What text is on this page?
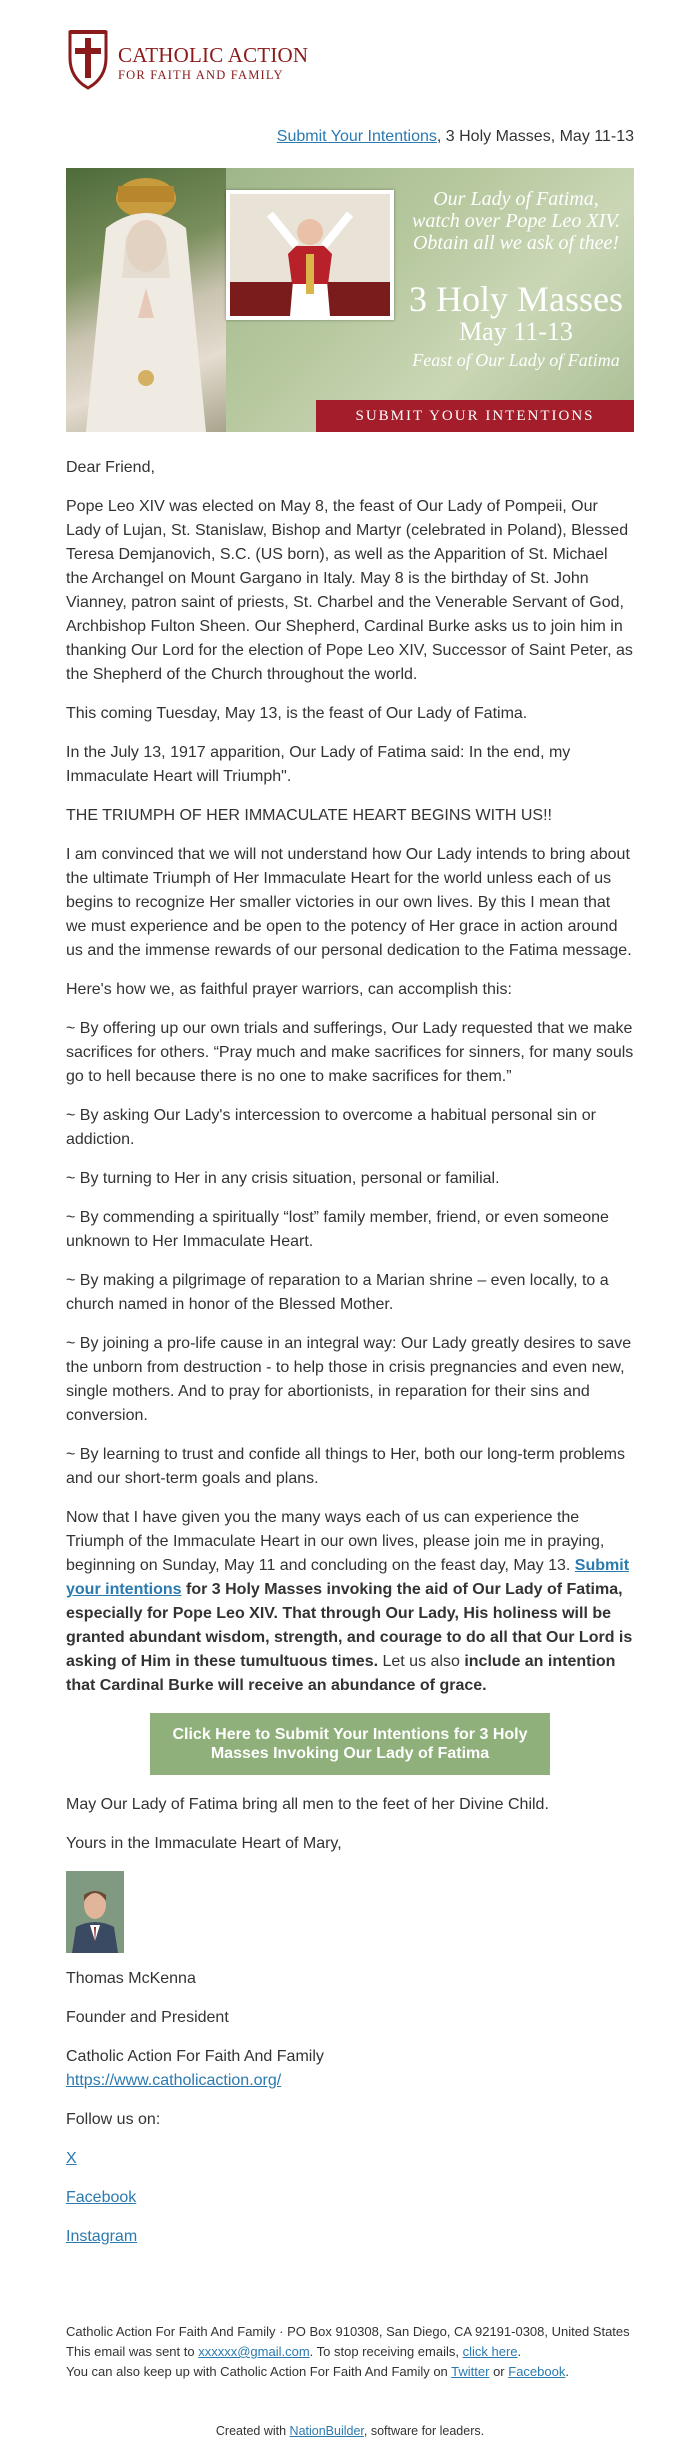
CATHOLIC ACTION
FOR FAITH AND FAMILY
Submit Your Intentions, 3 Holy Masses, May 11-13
Our Lady of Fatima,
watch over Pope Leo XIV.
Obtain all we ask of thee!
3 Holy Masses
May 11-13
Feast of Our Lady of Fatima
SUBMIT YOUR INTENTIONS

Dear Friend,

Pope Leo XIV was elected on May 8, the feast of Our Lady of Pompeii, Our Lady of Lujan, St. Stanislaw, Bishop and Martyr (celebrated in Poland), Blessed Teresa Demjanovich, S.C. (US born), as well as the Apparition of St. Michael the Archangel on Mount Gargano in Italy. May 8 is the birthday of St. John Vianney, patron saint of priests, St. Charbel and the Venerable Servant of God, Archbishop Fulton Sheen. Our Shepherd, Cardinal Burke asks us to join him in thanking Our Lord for the election of Pope Leo XIV, Successor of Saint Peter, as the Shepherd of the Church throughout the world.

This coming Tuesday, May 13, is the feast of Our Lady of Fatima.

In the July 13, 1917 apparition, Our Lady of Fatima said: In the end, my Immaculate Heart will Triumph".

THE TRIUMPH OF HER IMMACULATE HEART BEGINS WITH US!!

I am convinced that we will not understand how Our Lady intends to bring about the ultimate Triumph of Her Immaculate Heart for the world unless each of us begins to recognize Her smaller victories in our own lives. By this I mean that we must experience and be open to the potency of Her grace in action around us and the immense rewards of our personal dedication to the Fatima message.

Here's how we, as faithful prayer warriors, can accomplish this:

~ By offering up our own trials and sufferings, Our Lady requested that we make sacrifices for others. “Pray much and make sacrifices for sinners, for many souls go to hell because there is no one to make sacrifices for them.”

~ By asking Our Lady's intercession to overcome a habitual personal sin or addiction.

~ By turning to Her in any crisis situation, personal or familial.

~ By commending a spiritually “lost” family member, friend, or even someone unknown to Her Immaculate Heart.

~ By making a pilgrimage of reparation to a Marian shrine – even locally, to a church named in honor of the Blessed Mother.

~ By joining a pro-life cause in an integral way: Our Lady greatly desires to save the unborn from destruction - to help those in crisis pregnancies and even new, single mothers. And to pray for abortionists, in reparation for their sins and conversion.

~ By learning to trust and confide all things to Her, both our long-term problems and our short-term goals and plans.

Now that I have given you the many ways each of us can experience the Triumph of the Immaculate Heart in our own lives, please join me in praying, beginning on Sunday, May 11 and concluding on the feast day, May 13. Submit your intentions for 3 Holy Masses invoking the aid of Our Lady of Fatima, especially for Pope Leo XIV. That through Our Lady, His holiness will be granted abundant wisdom, strength, and courage to do all that Our Lord is asking of Him in these tumultuous times. Let us also include an intention that Cardinal Burke will receive an abundance of grace.

Click Here to Submit Your Intentions for 3 Holy Masses Invoking Our Lady of Fatima

May Our Lady of Fatima bring all men to the feet of her Divine Child.

Yours in the Immaculate Heart of Mary,

Thomas McKenna

Founder and President

Catholic Action For Faith And Family
https://www.catholicaction.org/

Follow us on:

X

Facebook

Instagram

Catholic Action For Faith And Family · PO Box 910308, San Diego, CA 92191-0308, United States
This email was sent to xxxxxx@gmail.com. To stop receiving emails, click here.
You can also keep up with Catholic Action For Faith And Family on Twitter or Facebook.
Created with NationBuilder, software for leaders.
